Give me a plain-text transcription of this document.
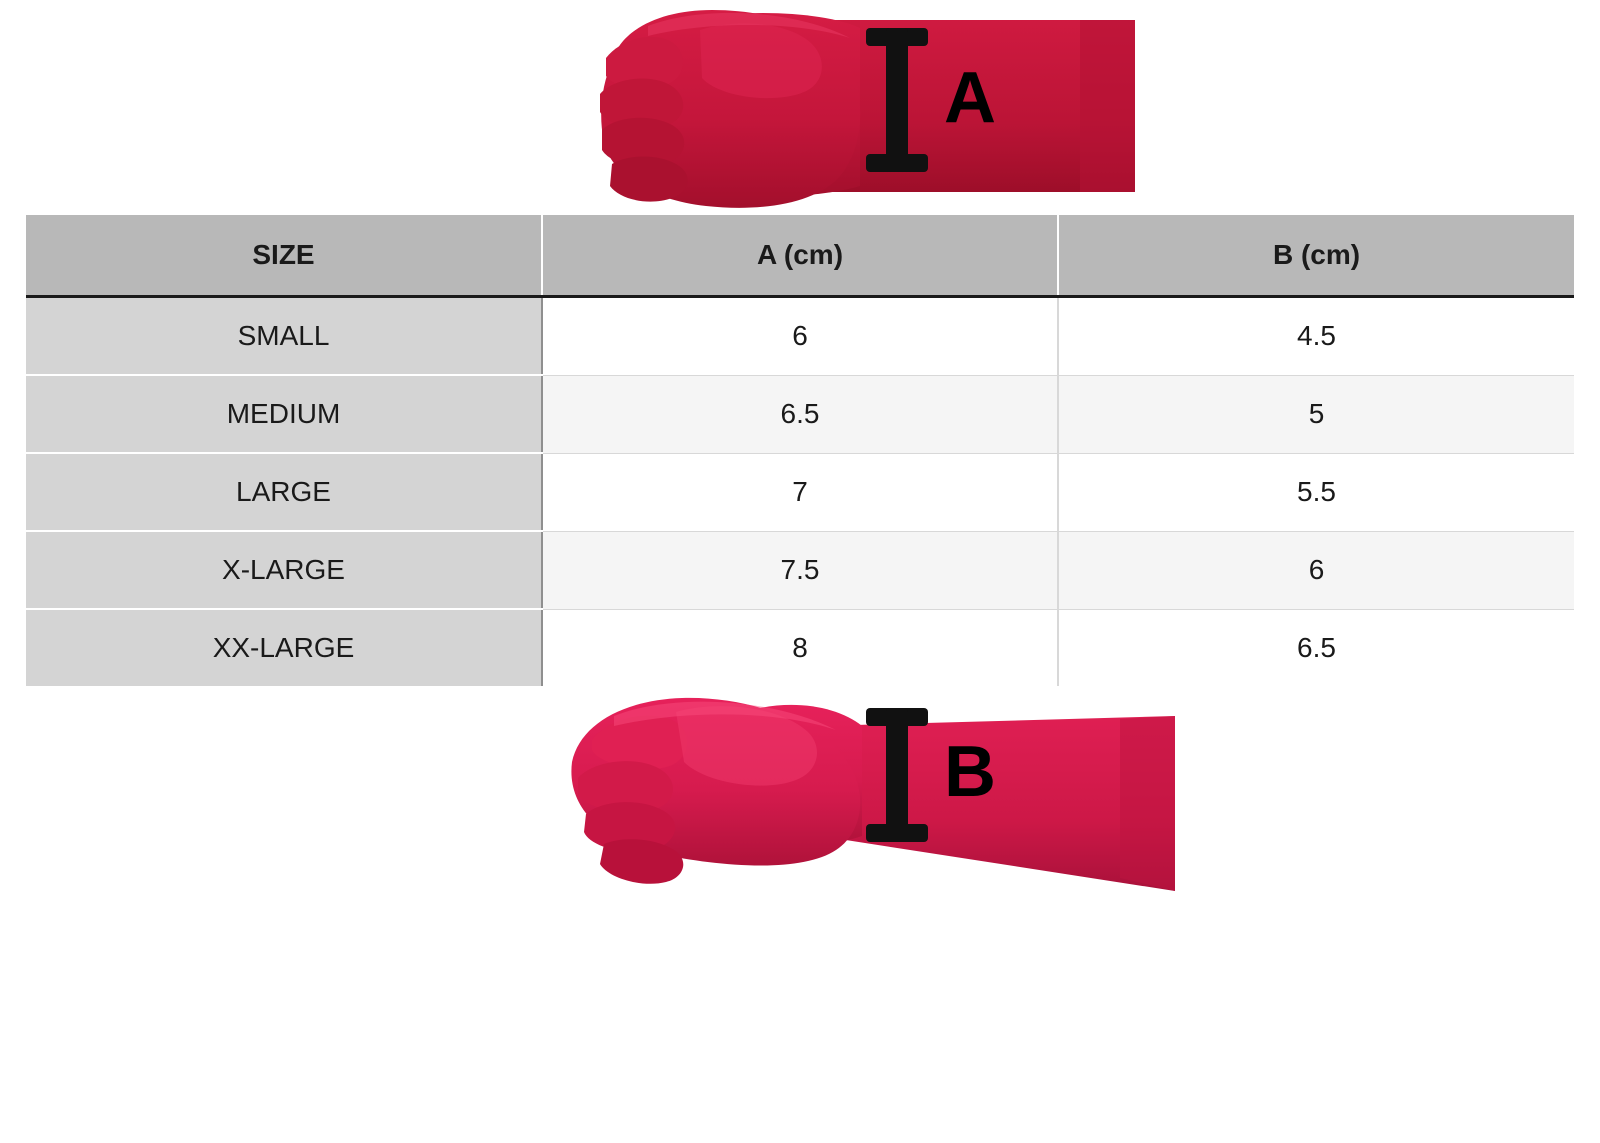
A
SIZE	A (cm)	B (cm)
SMALL	6	4.5
MEDIUM	6.5	5
LARGE	7	5.5
X-LARGE	7.5	6
XX-LARGE	8	6.5
B
